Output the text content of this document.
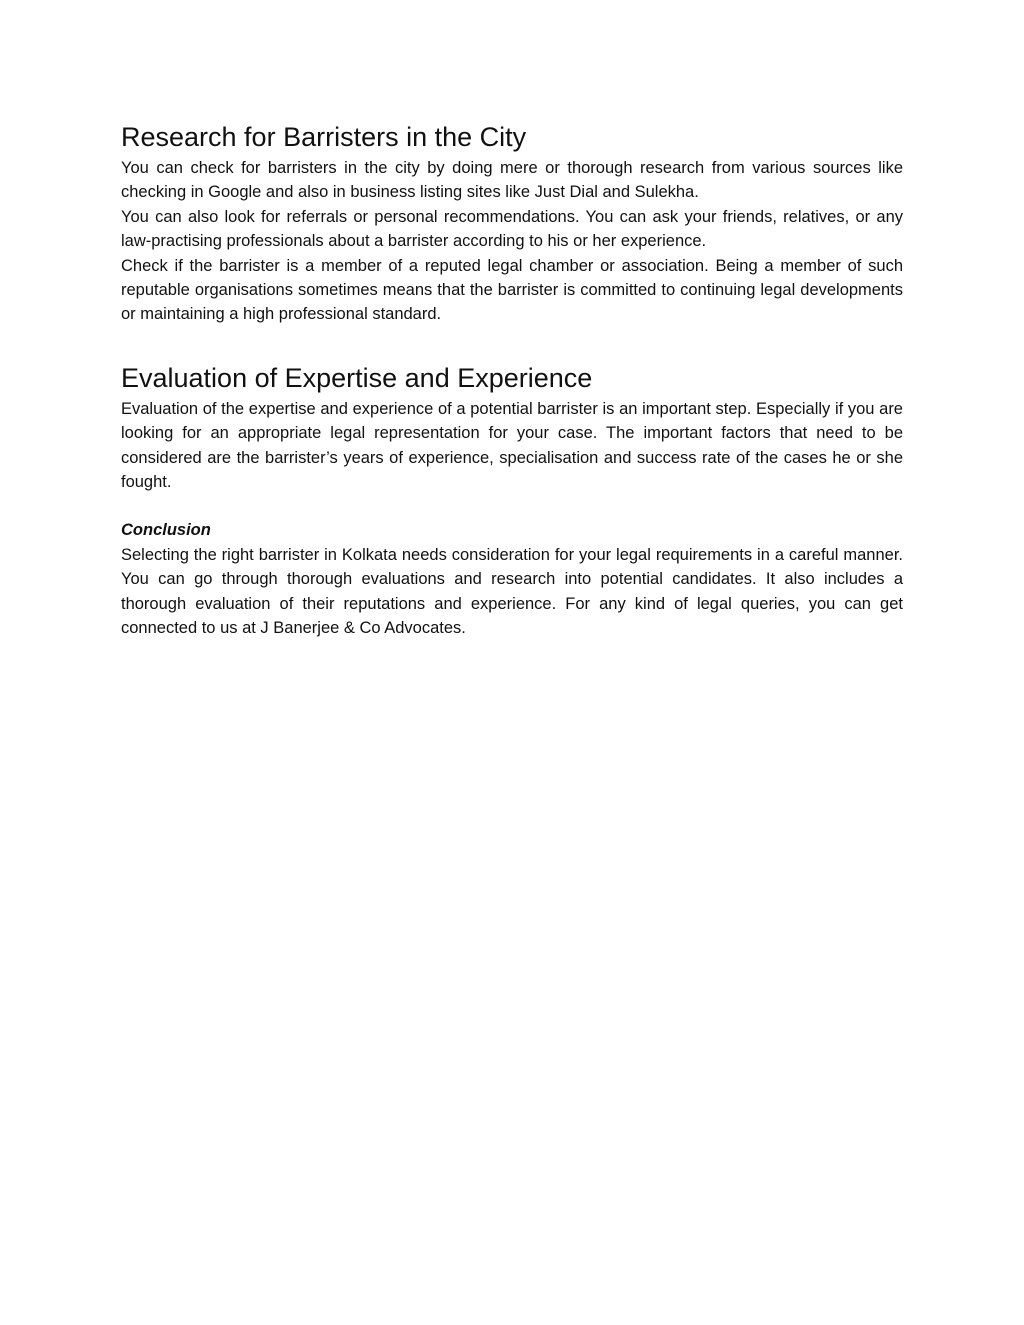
Research for Barristers in the City

You can check for barristers in the city by doing mere or thorough research from various sources like checking in Google and also in business listing sites like Just Dial and Sulekha.

You can also look for referrals or personal recommendations. You can ask your friends, relatives, or any law-practising professionals about a barrister according to his or her experience.

Check if the barrister is a member of a reputed legal chamber or association. Being a member of such reputable organisations sometimes means that the barrister is committed to continuing legal developments or maintaining a high professional standard.

Evaluation of Expertise and Experience

Evaluation of the expertise and experience of a potential barrister is an important step. Especially if you are looking for an appropriate legal representation for your case. The important factors that need to be considered are the barrister’s years of experience, specialisation and success rate of the cases he or she fought.

Conclusion

Selecting the right barrister in Kolkata needs consideration for your legal requirements in a careful manner. You can go through thorough evaluations and research into potential candidates. It also includes a thorough evaluation of their reputations and experience. For any kind of legal queries, you can get connected to us at J Banerjee & Co Advocates.
